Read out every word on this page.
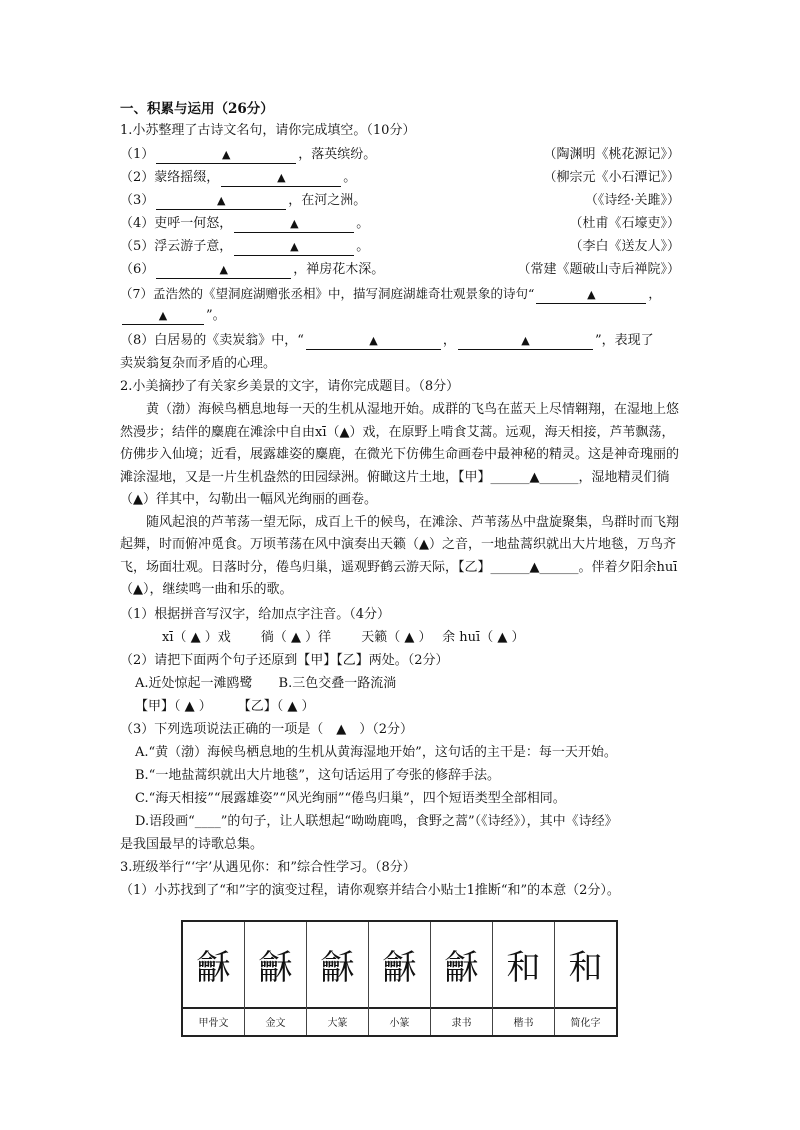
一、积累与运用（26分）
1.小苏整理了古诗文名句，请你完成填空。（10分）
（1）	▲	，落英缤纷。	（陶渊明《桃花源记》）
（2）蒙络摇缀，	▲	。	（柳宗元《小石潭记》）
（3）	▲	，在河之洲。	（《诗经·关雎》）
（4）吏呼一何怒，	▲	。	（杜甫《石壕吏》）
（5）浮云游子意，	▲	。	（李白《送友人》）
（6）	▲	，禅房花木深。	（常建《题破山寺后禅院》）
（7）孟浩然的《望洞庭湖赠张丞相》中，描写洞庭湖雄奇壮观景象的诗句“	▲	，
▲	”。
（8）白居易的《卖炭翁》中，“	▲	，	▲	”，表现了
卖炭翁复杂而矛盾的心理。
2.小美摘抄了有关家乡美景的文字，请你完成题目。（8分）

黄（渤）海候鸟栖息地每一天的生机从湿地开始。成群的飞鸟在蓝天上尽情翱翔，在湿地上悠然漫步；结伴的麋鹿在滩涂中自由xī（▲）戏，在原野上啃食艾蒿。远观，海天相接，芦苇飘荡，仿佛步入仙境；近看，展露雄姿的麋鹿，在微光下仿佛生命画卷中最神秘的精灵。这是神奇瑰丽的滩涂湿地，又是一片生机盎然的田园绿洲。俯瞰这片土地，【甲】______▲______，湿地精灵们徜（▲）徉其中，勾勒出一幅风光绚丽的画卷。

随风起浪的芦苇荡一望无际，成百上千的候鸟，在滩涂、芦苇荡丛中盘旋聚集，鸟群时而飞翔起舞，时而俯冲觅食。万顷苇荡在风中演奏出天籁（▲）之音，一地盐蒿织就出大片地毯，万鸟齐飞，场面壮观。日落时分，倦鸟归巢，遥观野鹤云游天际，【乙】______▲______。伴着夕阳余huī（▲），继续鸣一曲和乐的歌。

（1）根据拼音写汉字，给加点字注音。（4分）
xī（ ▲ ）戏　　 徜（ ▲ ）徉　　 天籁（ ▲ ）　 余 huī（ ▲ ）
（2）请把下面两个句子还原到【甲】【乙】两处。（2分）
A.近处惊起一滩鸥鹭　　B.三色交叠一路流淌
【甲】（ ▲ ）　　　【乙】（ ▲ ）
（3）下列选项说法正确的一项是（　▲　）（2分）
A.“黄（渤）海候鸟栖息地的生机从黄海湿地开始”，这句话的主干是：每一天开始。
B.“一地盐蒿织就出大片地毯”，这句话运用了夸张的修辞手法。
C.“海天相接”“展露雄姿”“风光绚丽”“倦鸟归巢”，四个短语类型全部相同。
D.语段画“____”的句子，让人联想起“呦呦鹿鸣，食野之蒿”（《诗经》），其中《诗经》
是我国最早的诗歌总集。
3.班级举行“‘字’从遇见你：和”综合性学习。（8分）
（1）小苏找到了“和”字的演变过程，请你观察并结合小贴士1推断“和”的本意（2分）。
龢 龢 龢 龢 龢 和 和
甲骨文	金文	大篆	小篆	隶书	楷书	简化字
